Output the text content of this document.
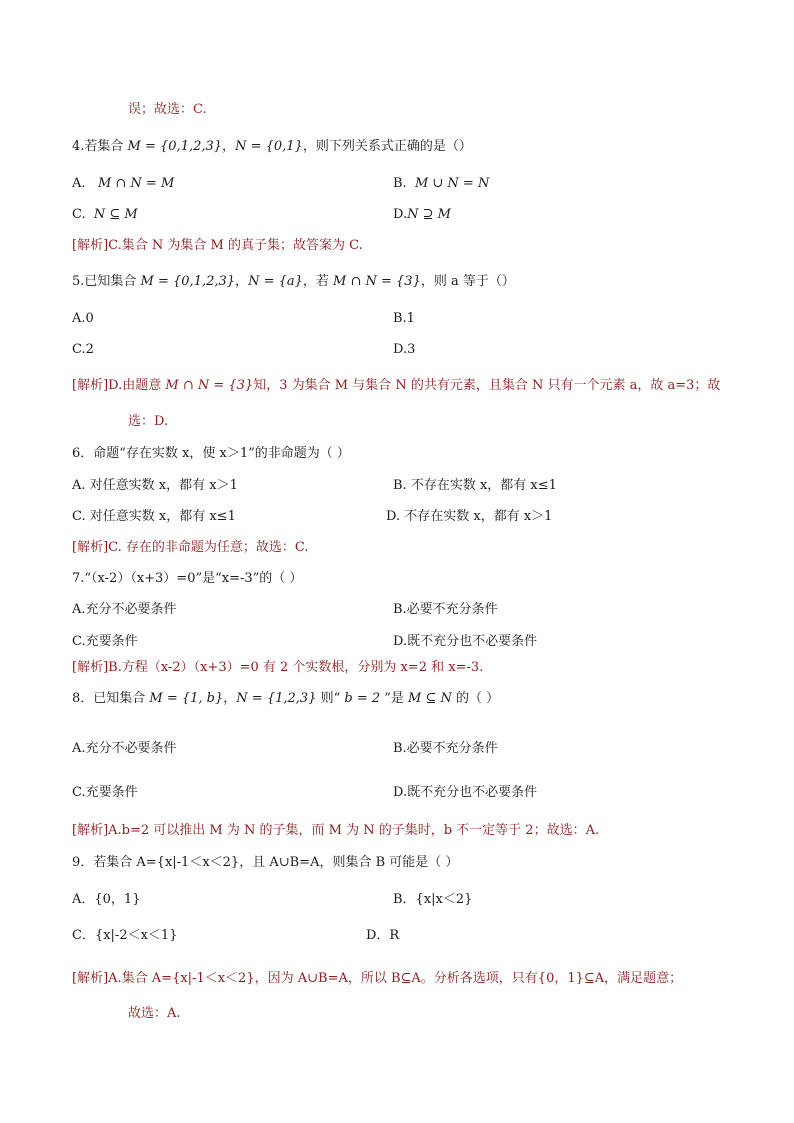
误；故选：C.
4.若集合 M = {0,1,2,3}，N = {0,1}，则下列关系式正确的是（）
A. M ∩ N = M	B. M ∪ N = N
C. N ⊆ M	D.N ⊇ M
[解析]C.集合 N 为集合 M 的真子集；故答案为 C.
5.已知集合 M = {0,1,2,3}，N = {a}，若 M ∩ N = {3}，则 a 等于（）
A.0	B.1
C.2	D.3
[解析]D.由题意 M ∩ N = {3}知，3 为集合 M 与集合 N 的共有元素，且集合 N 只有一个元素 a，故 a=3；故
选：D.
6．命题“存在实数 x，使 x＞1”的非命题为（ ）
A. 对任意实数 x，都有 x＞1	B. 不存在实数 x，都有 x≤1
C. 对任意实数 x，都有 x≤1	D. 不存在实数 x，都有 x＞1
[解析]C. 存在的非命题为任意；故选：C.
7.“（x-2）（x+3）=0”是“x=-3”的（ ）
A.充分不必要条件	B.必要不充分条件
C.充要条件	D.既不充分也不必要条件
[解析]B.方程（x-2）（x+3）=0 有 2 个实数根，分别为 x=2 和 x=-3.
8．已知集合 M = {1, b}，N = {1,2,3} 则“ b = 2 ”是 M ⊆ N 的（ ）
A.充分不必要条件	B.必要不充分条件
C.充要条件	D.既不充分也不必要条件
[解析]A.b=2 可以推出 M 为 N 的子集，而 M 为 N 的子集时，b 不一定等于 2；故选：A.
9．若集合 A={x|-1＜x＜2}，且 A∪B=A，则集合 B 可能是（ ）
A．{0，1}	B．{x|x＜2}
C．{x|-2＜x＜1}	D．R
[解析]A.集合 A={x|-1＜x＜2}，因为 A∪B=A，所以 B⊆A。分析各选项，只有{0，1}⊆A，满足题意；
故选：A.
